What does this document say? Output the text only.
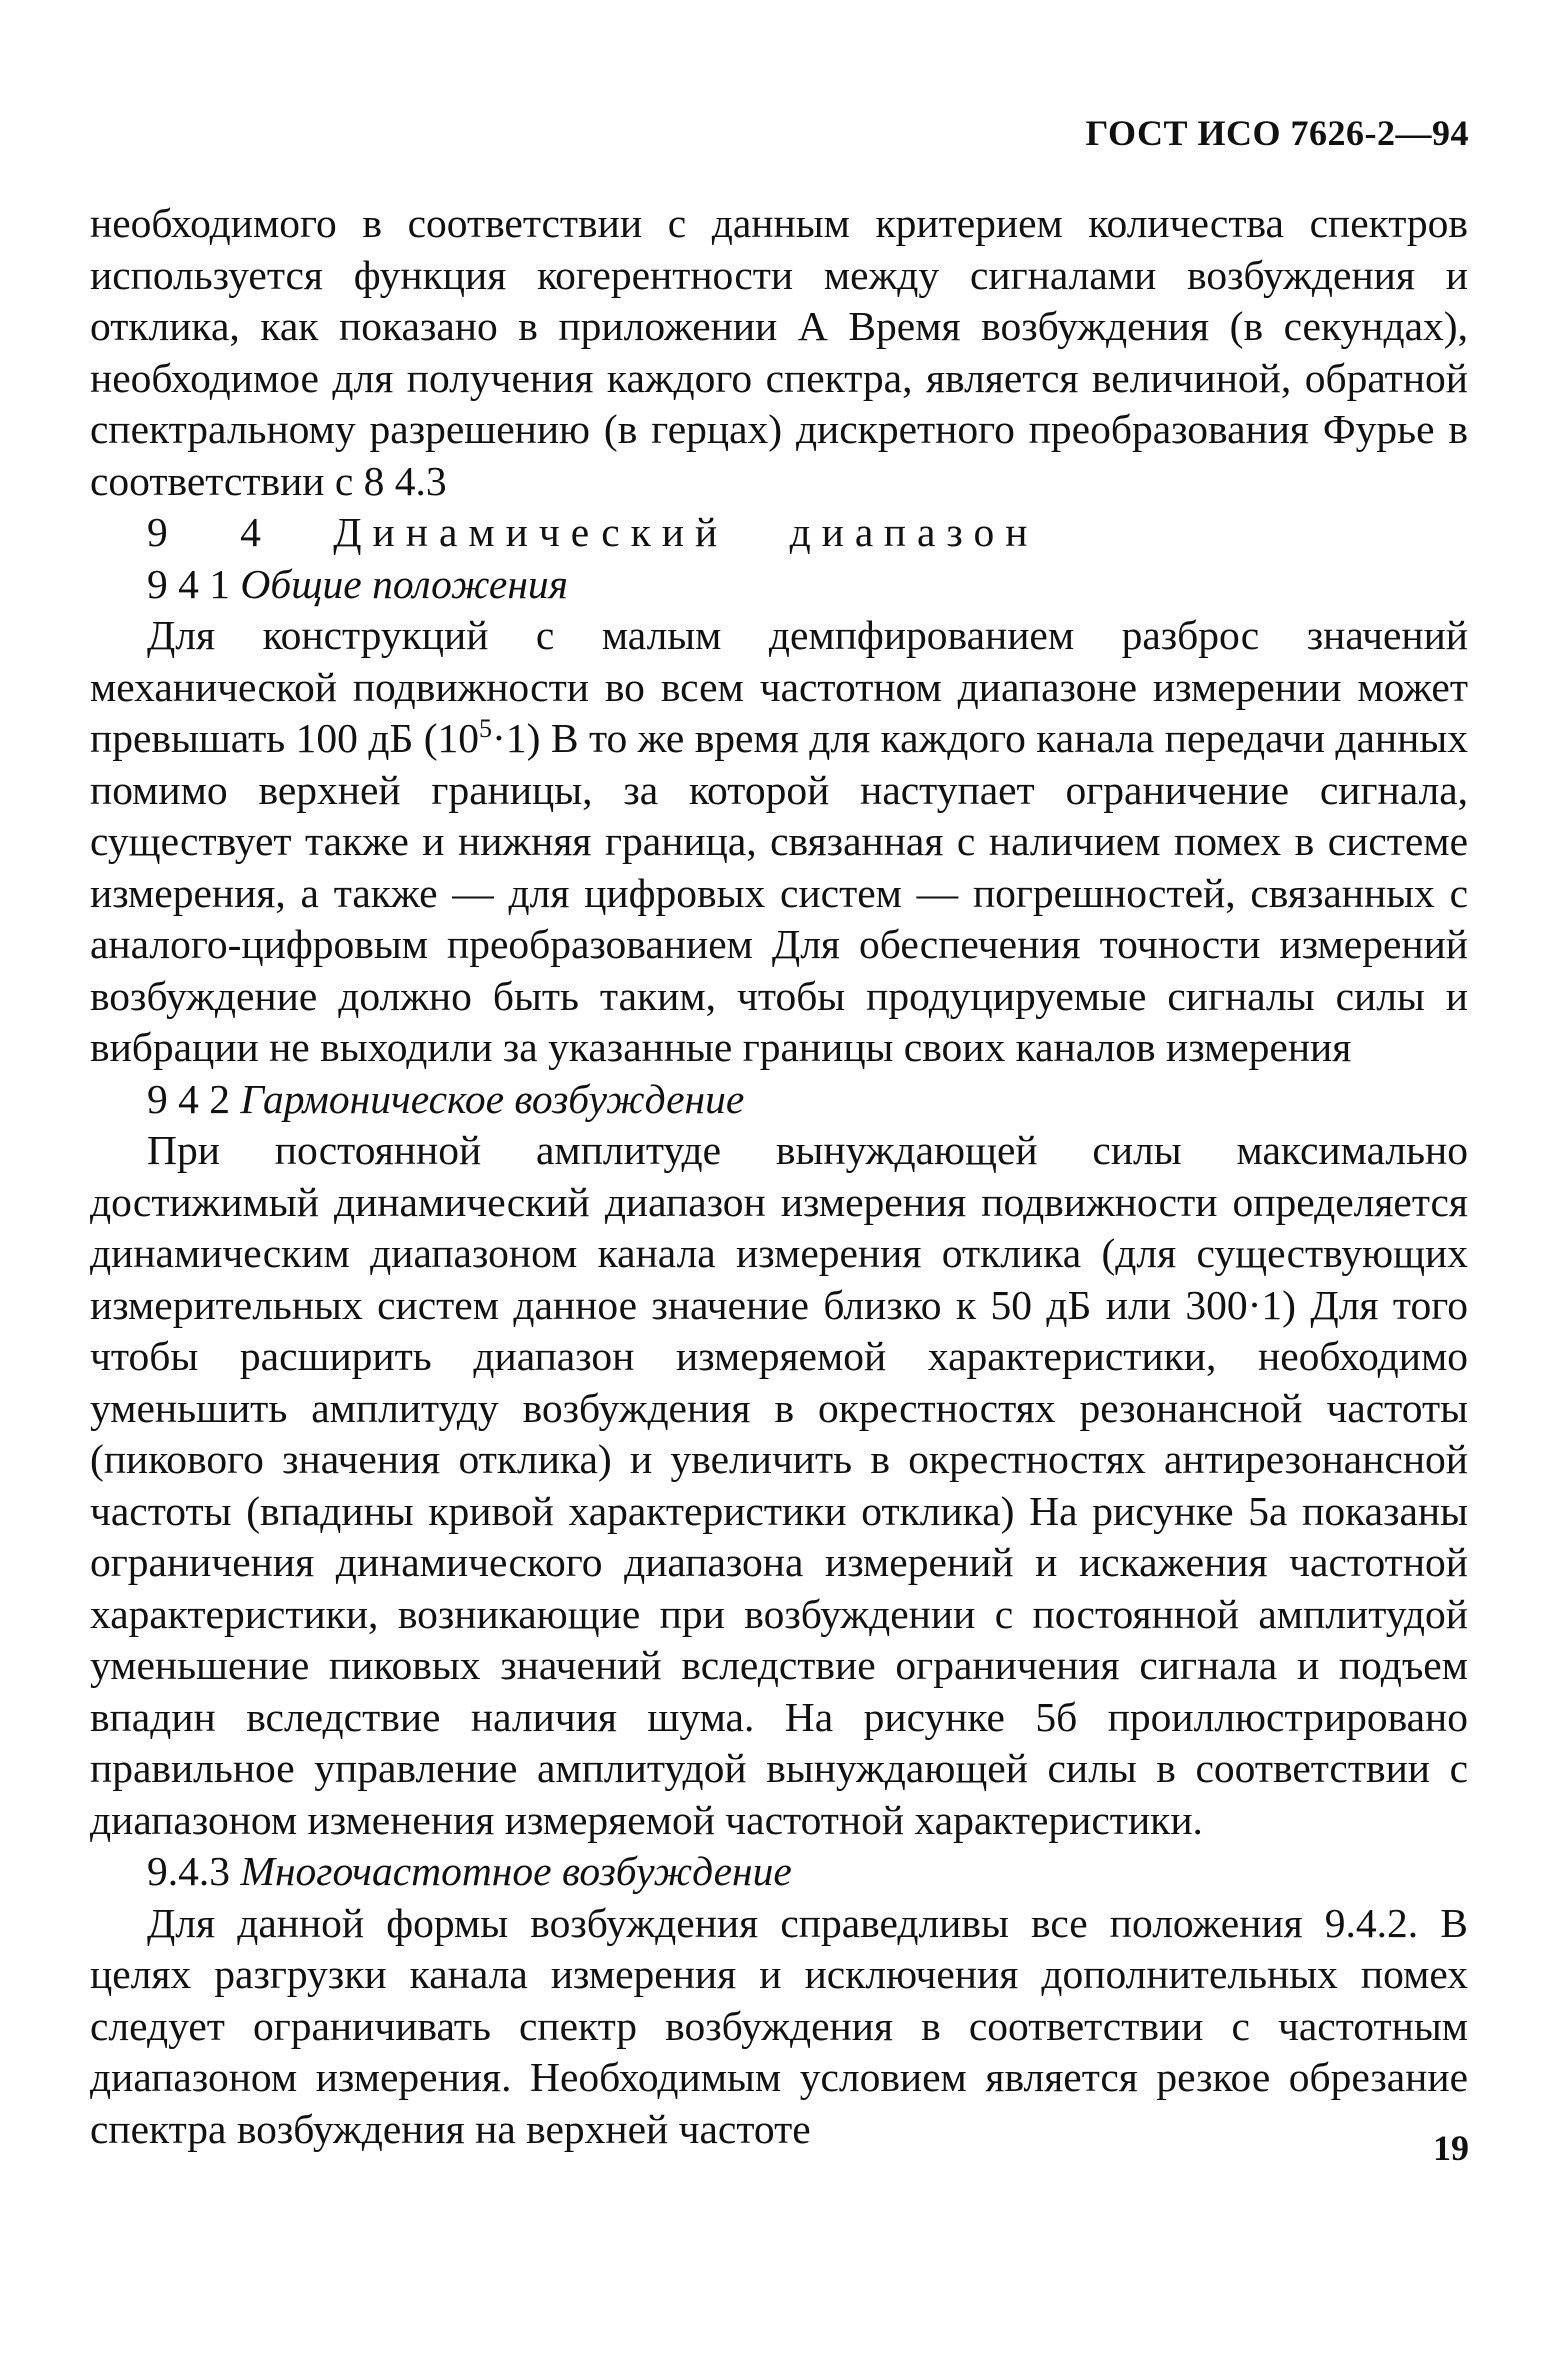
ГОСТ ИСО 7626-2—94

необходимого в соответствии с данным критерием количества спектров используется функция когерентности между сигналами возбуждения и отклика, как показано в приложении А Время возбуждения (в секундах), необходимое для получения каждого спектра, является величиной, обратной спектральному разрешению (в герцах) дискретного преобразования Фурье в соответствии с 8 4.3

9 4 Динамический диапазон

9 4 1 Общие положения

Для конструкций с малым демпфированием разброс значений механической подвижности во всем частотном диапазоне измерении может превышать 100 дБ $(10^5\cdot 1)$ В то же время для каждого канала передачи данных помимо верхней границы, за которой наступает ограничение сигнала, существует также и нижняя граница, связанная с наличием помех в системе измерения, а также — для цифровых систем — погрешностей, связанных с аналого-цифровым преобразованием Для обеспечения точности измерений возбуждение должно быть таким, чтобы продуцируемые сигналы силы и вибрации не выходили за указанные границы своих каналов измерения

9 4 2 Гармоническое возбуждение

При постоянной амплитуде вынуждающей силы максимально достижимый динамический диапазон измерения подвижности определяется динамическим диапазоном канала измерения отклика (для существующих измерительных систем данное значение близко к 50 дБ или 300·1) Для того чтобы расширить диапазон измеряемой характеристики, необходимо уменьшить амплитуду возбуждения в окрестностях резонансной частоты (пикового значения отклика) и увеличить в окрестностях антирезонансной частоты (впадины кривой характеристики отклика) На рисунке 5а показаны ограничения динамического диапазона измерений и искажения частотной характеристики, возникающие при возбуждении с постоянной амплитудой уменьшение пиковых значений вследствие ограничения сигнала и подъем впадин вследствие наличия шума. На рисунке 5б проиллюстрировано правильное управление амплитудой вынуждающей силы в соответствии с диапазоном изменения измеряемой частотной характеристики.

9.4.3 Многочастотное возбуждение

Для данной формы возбуждения справедливы все положения 9.4.2. В целях разгрузки канала измерения и исключения дополнительных помех следует ограничивать спектр возбуждения в соответствии с частотным диапазоном измерения. Необходимым условием является резкое обрезание спектра возбуждения на верхней частоте	19
